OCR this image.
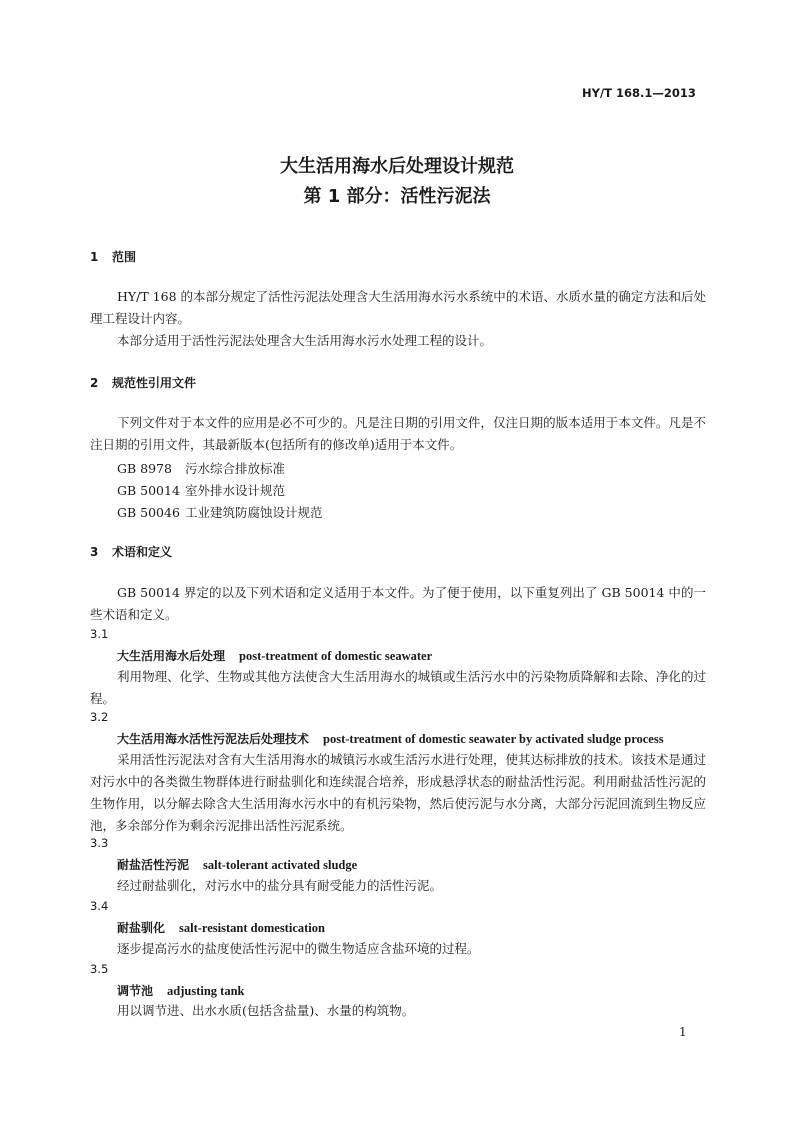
HY/T 168.1—2013
大生活用海水后处理设计规范
第 1 部分：活性污泥法
1 范围
HY/T 168 的本部分规定了活性污泥法处理含大生活用海水污水系统中的术语、水质水量的确定方法和后处理工程设计内容。
本部分适用于活性污泥法处理含大生活用海水污水处理工程的设计。
2 规范性引用文件
下列文件对于本文件的应用是必不可少的。凡是注日期的引用文件，仅注日期的版本适用于本文件。凡是不注日期的引用文件，其最新版本(包括所有的修改单)适用于本文件。
GB 8978 污水综合排放标准
GB 50014 室外排水设计规范
GB 50046 工业建筑防腐蚀设计规范
3 术语和定义
GB 50014 界定的以及下列术语和定义适用于本文件。为了便于使用，以下重复列出了 GB 50014 中的一些术语和定义。
3.1
大生活用海水后处理 post-treatment of domestic seawater
利用物理、化学、生物或其他方法使含大生活用海水的城镇或生活污水中的污染物质降解和去除、净化的过程。
3.2
大生活用海水活性污泥法后处理技术 post-treatment of domestic seawater by activated sludge process
采用活性污泥法对含有大生活用海水的城镇污水或生活污水进行处理，使其达标排放的技术。该技术是通过对污水中的各类微生物群体进行耐盐驯化和连续混合培养，形成悬浮状态的耐盐活性污泥。利用耐盐活性污泥的生物作用，以分解去除含大生活用海水污水中的有机污染物，然后使污泥与水分离，大部分污泥回流到生物反应池，多余部分作为剩余污泥排出活性污泥系统。
3.3
耐盐活性污泥 salt-tolerant activated sludge
经过耐盐驯化，对污水中的盐分具有耐受能力的活性污泥。
3.4
耐盐驯化 salt-resistant domestication
逐步提高污水的盐度使活性污泥中的微生物适应含盐环境的过程。
3.5
调节池 adjusting tank
用以调节进、出水水质(包括含盐量)、水量的构筑物。
1
